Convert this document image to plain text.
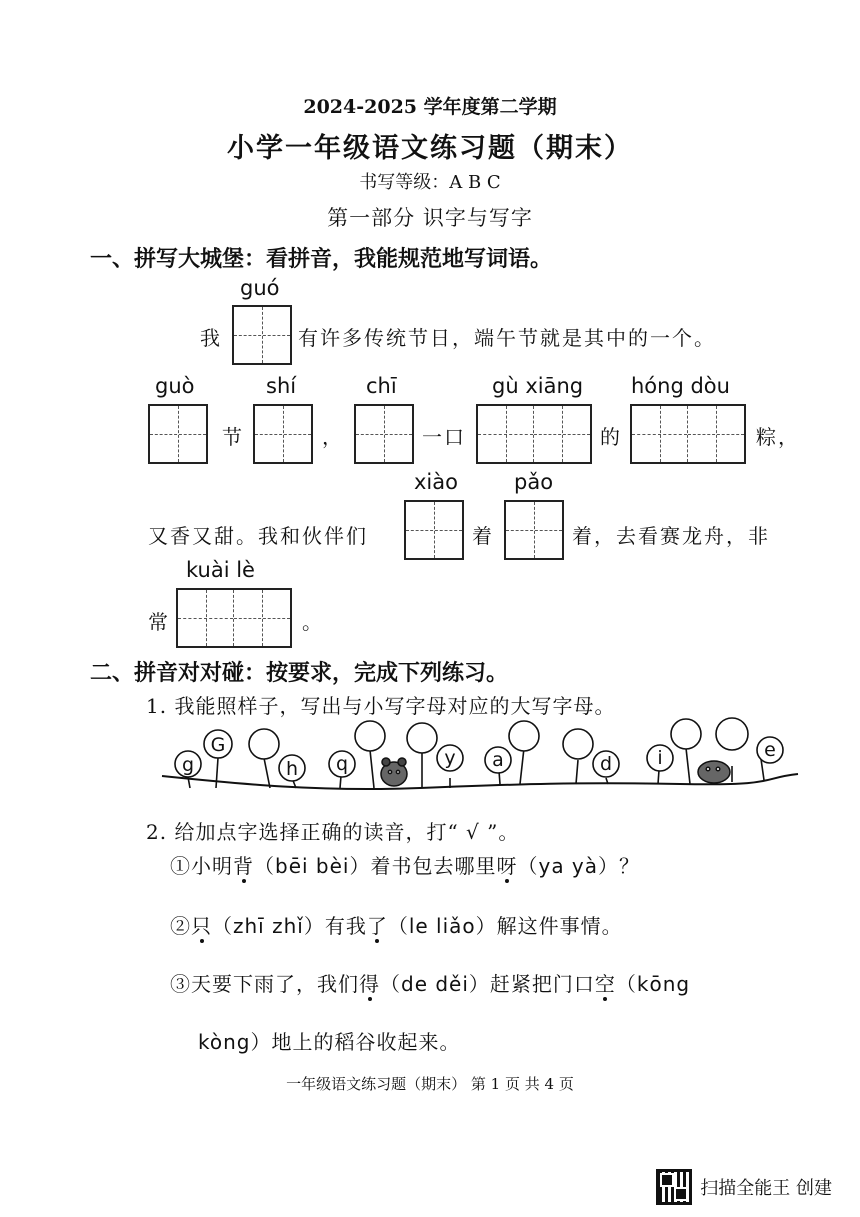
2024-2025 学年度第二学期
小学一年级语文练习题（期末）
书写等级：A B C
第一部分 识字与写字
一、拼写大城堡：看拼音，我能规范地写词语。
guó
我	有许多传统节日，端午节就是其中的一个。
guò	shí	chī	gù xiāng hóng dòu
节	，	一口	的	粽，
xiào	pǎo
又香又甜。我和伙伴们	着	着，去看赛龙舟，非
kuài lè
常	。
二、拼音对对碰：按要求，完成下列练习。
1. 我能照样子，写出与小写字母对应的大写字母。
g
G
h q	y a	d i	e
2. 给加点字选择正确的读音，打“ √ ”。
①小明背（bēi bèi）着书包去哪里呀（ya yà）？
②只（zhī zhǐ）有我了（le liǎo）解这件事情。
③天要下雨了，我们得（de děi）赶紧把门口空（kōng
kòng）地上的稻谷收起来。
一年级语文练习题（期末） 第 1 页 共 4 页
扫描全能王 创建
